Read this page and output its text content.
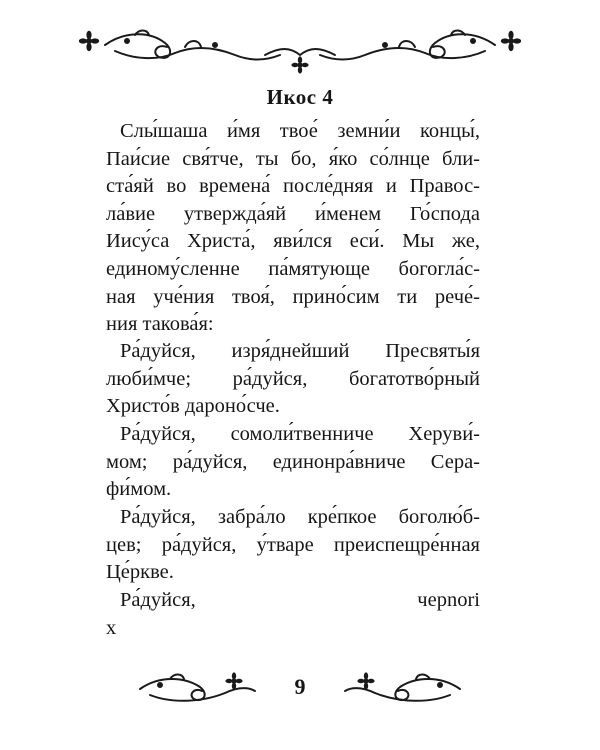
Икос 4
Слы́шаша и́мя твое́ земни́и концы́,
Паи́сие свя́тче, ты бо, я́ко со́лнце бли-
ста́яй во времена́ после́дняя и Правос-
ла́вие утвержда́яй и́менем Го́спода
Иису́са Христа́, яви́лся еси́. Мы же,
единому́сленне па́мятующе богогла́с-
ная уче́ния твоя́, прино́сим ти рече́-
ния такова́я:
Ра́дуйся, изря́днейший Пресвяты́я
люби́мче; ра́дуйся, богатотво́рный
Христо́в дароно́сче.
Ра́дуйся, сомоли́твенниче Херуви́-
мом; ра́дуйся, единонра́вниче Сера-
фи́мом.
Ра́дуйся, забра́ло кре́пкое боголю́б-
цев; ра́дуйся, у́тваре преиспещре́нная
Це́ркве.
Ра́дуйся, черnori
x
9
